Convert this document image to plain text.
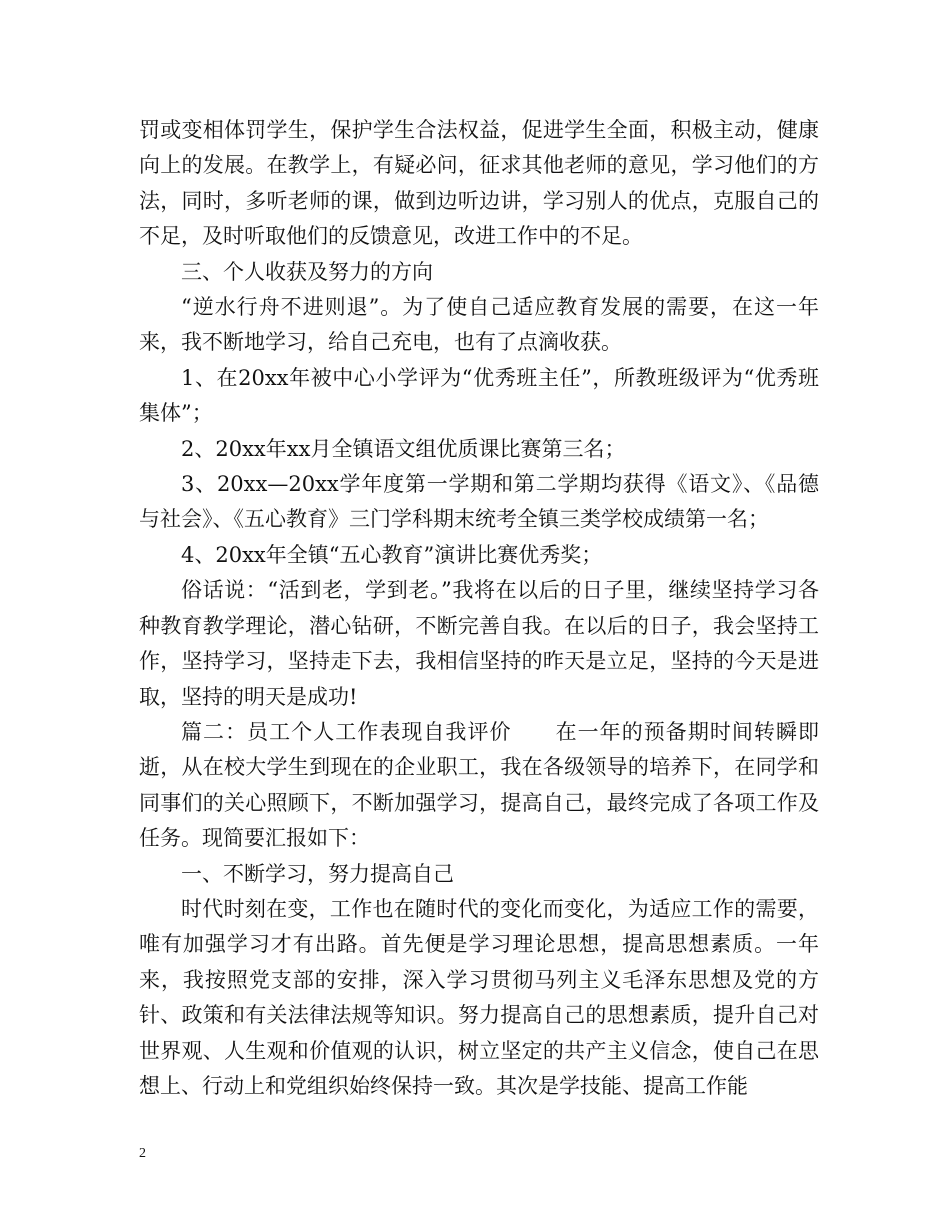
罚或变相体罚学生，保护学生合法权益，促进学生全面，积极主动，健康向上的发展。在教学上，有疑必问，征求其他老师的意见，学习他们的方法，同时，多听老师的课，做到边听边讲，学习别人的优点，克服自己的不足，及时听取他们的反馈意见，改进工作中的不足。

三、个人收获及努力的方向

“逆水行舟不进则退”。为了使自己适应教育发展的需要，在这一年来，我不断地学习，给自己充电，也有了点滴收获。

1、在20xx年被中心小学评为“优秀班主任”，所教班级评为“优秀班集体”；

2、20xx年xx月全镇语文组优质课比赛第三名；

3、20xx—20xx学年度第一学期和第二学期均获得《语文》、《品德与社会》、《五心教育》三门学科期末统考全镇三类学校成绩第一名；

4、20xx年全镇“五心教育”演讲比赛优秀奖；

俗话说：“活到老，学到老。”我将在以后的日子里，继续坚持学习各种教育教学理论，潜心钻研，不断完善自我。在以后的日子，我会坚持工作，坚持学习，坚持走下去，我相信坚持的昨天是立足，坚持的今天是进取，坚持的明天是成功!

篇二：员工个人工作表现自我评价　　在一年的预备期时间转瞬即逝，从在校大学生到现在的企业职工，我在各级领导的培养下，在同学和同事们的关心照顾下，不断加强学习，提高自己，最终完成了各项工作及任务。现简要汇报如下：

一、不断学习，努力提高自己

时代时刻在变，工作也在随时代的变化而变化，为适应工作的需要，唯有加强学习才有出路。首先便是学习理论思想，提高思想素质。一年来，我按照党支部的安排，深入学习贯彻马列主义毛泽东思想及党的方针、政策和有关法律法规等知识。努力提高自己的思想素质，提升自己对世界观、人生观和价值观的认识，树立坚定的共产主义信念，使自己在思想上、行动上和党组织始终保持一致。其次是学技能、提高工作能

2
